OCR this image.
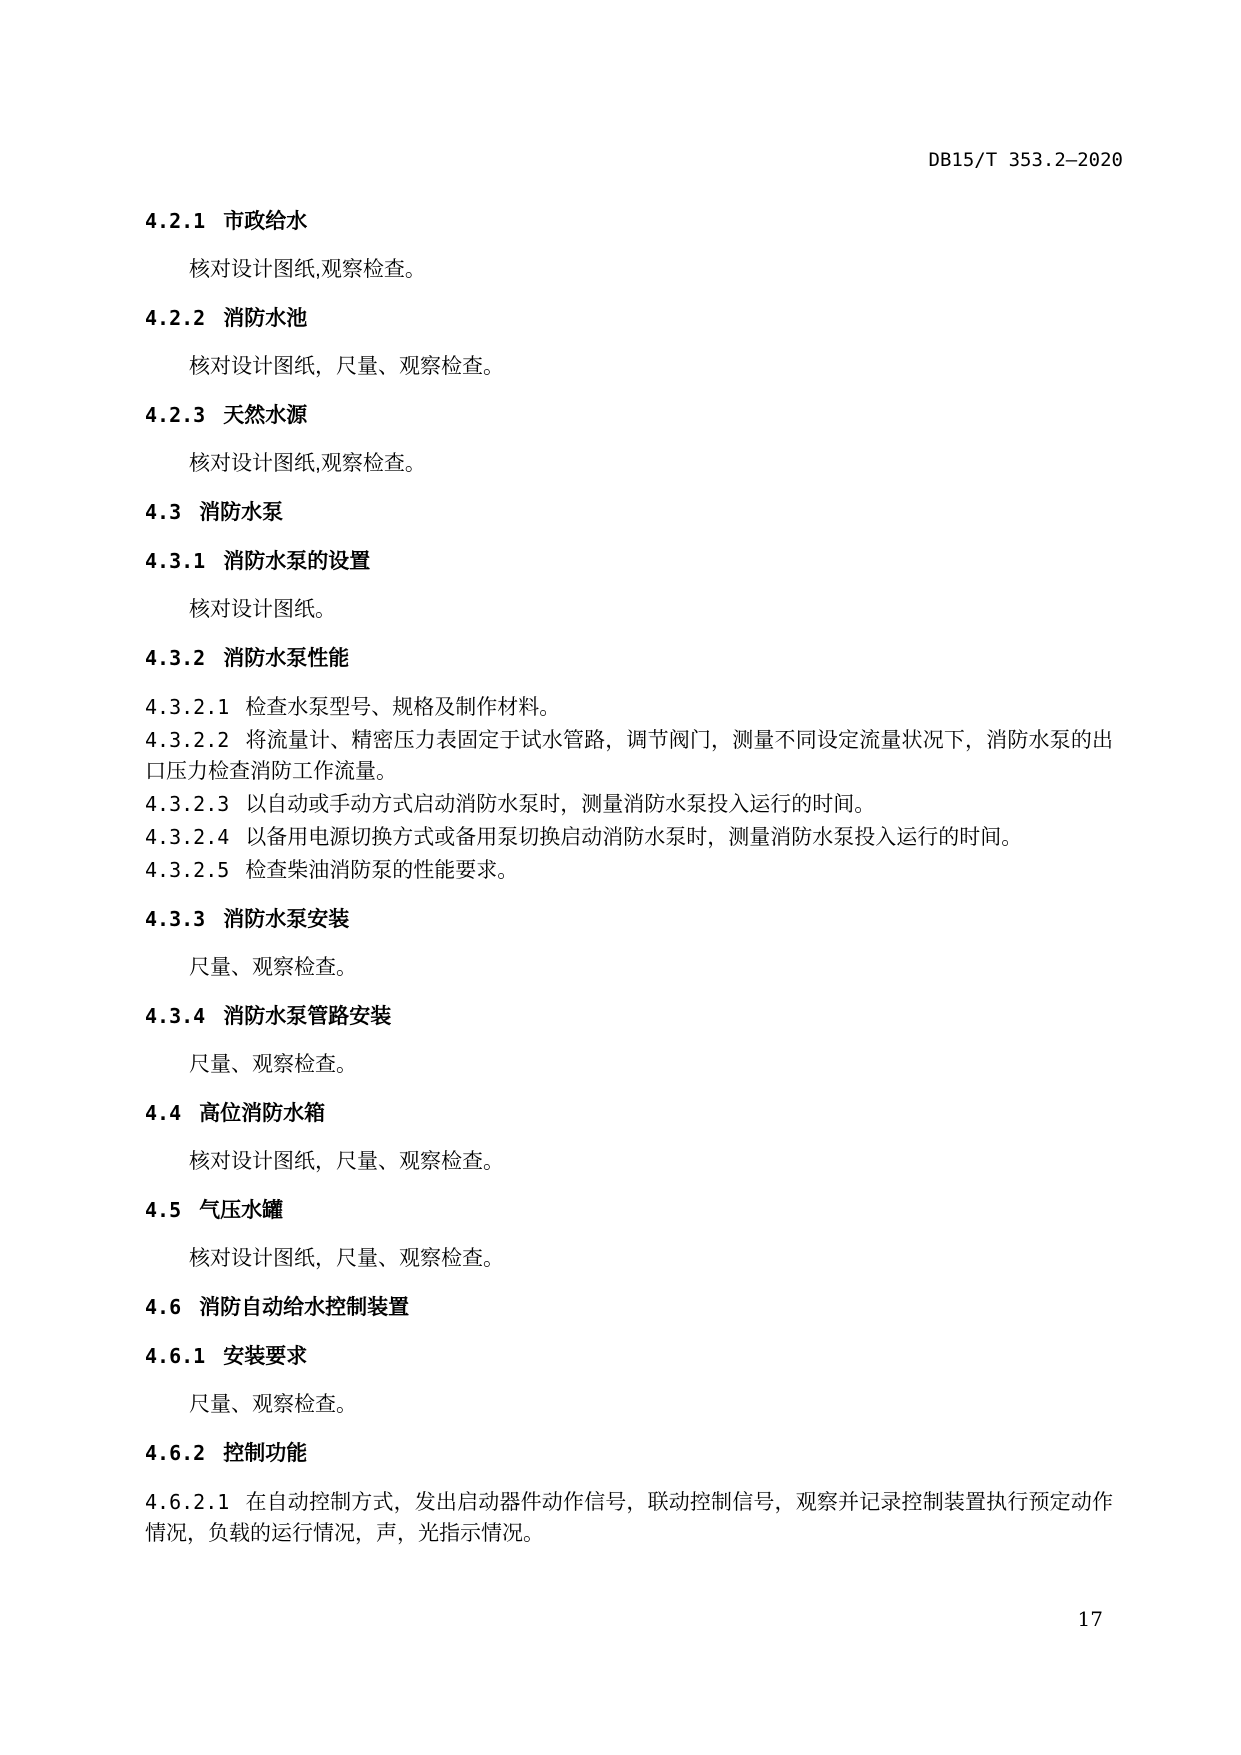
DB15/T 353.2—2020

4.2.1 市政给水

核对设计图纸,观察检查。

4.2.2 消防水池

核对设计图纸，尺量、观察检查。

4.2.3 天然水源

核对设计图纸,观察检查。

4.3 消防水泵

4.3.1 消防水泵的设置

核对设计图纸。

4.3.2 消防水泵性能

4.3.2.1 检查水泵型号、规格及制作材料。

4.3.2.2 将流量计、精密压力表固定于试水管路，调节阀门，测量不同设定流量状况下，消防水泵的出口压力检查消防工作流量。

4.3.2.3 以自动或手动方式启动消防水泵时，测量消防水泵投入运行的时间。

4.3.2.4 以备用电源切换方式或备用泵切换启动消防水泵时，测量消防水泵投入运行的时间。

4.3.2.5 检查柴油消防泵的性能要求。

4.3.3 消防水泵安装

尺量、观察检查。

4.3.4 消防水泵管路安装

尺量、观察检查。

4.4 高位消防水箱

核对设计图纸，尺量、观察检查。

4.5 气压水罐

核对设计图纸，尺量、观察检查。

4.6 消防自动给水控制装置

4.6.1 安装要求

尺量、观察检查。

4.6.2 控制功能

4.6.2.1 在自动控制方式，发出启动器件动作信号，联动控制信号，观察并记录控制装置执行预定动作情况，负载的运行情况，声，光指示情况。

17
